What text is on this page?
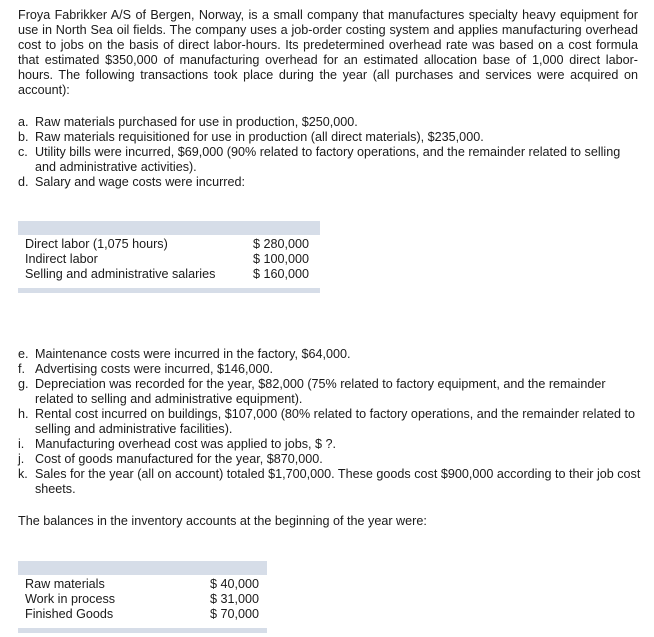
Froya Fabrikker A/S of Bergen, Norway, is a small company that manufactures specialty heavy equipment for use in North Sea oil fields. The company uses a job-order costing system and applies manufacturing overhead cost to jobs on the basis of direct labor-hours. Its predetermined overhead rate was based on a cost formula that estimated $350,000 of manufacturing overhead for an estimated allocation base of 1,000 direct labor-hours. The following transactions took place during the year (all purchases and services were acquired on account):

a. Raw materials purchased for use in production, $250,000.
b. Raw materials requisitioned for use in production (all direct materials), $235,000.
c. Utility bills were incurred, $69,000 (90% related to factory operations, and the remainder related to selling and administrative activities).
d. Salary and wage costs were incurred:
Direct labor (1,075 hours)	$ 280,000
Indirect labor	$ 100,000
Selling and administrative salaries	$ 160,000
e. Maintenance costs were incurred in the factory, $64,000.
f. Advertising costs were incurred, $146,000.
g. Depreciation was recorded for the year, $82,000 (75% related to factory equipment, and the remainder related to selling and administrative equipment).
h. Rental cost incurred on buildings, $107,000 (80% related to factory operations, and the remainder related to selling and administrative facilities).
i. Manufacturing overhead cost was applied to jobs, $ ?.
j. Cost of goods manufactured for the year, $870,000.
k. Sales for the year (all on account) totaled $1,700,000. These goods cost $900,000 according to their job cost sheets.

The balances in the inventory accounts at the beginning of the year were:

Raw materials	$ 40,000
Work in process	$ 31,000
Finished Goods	$ 70,000
